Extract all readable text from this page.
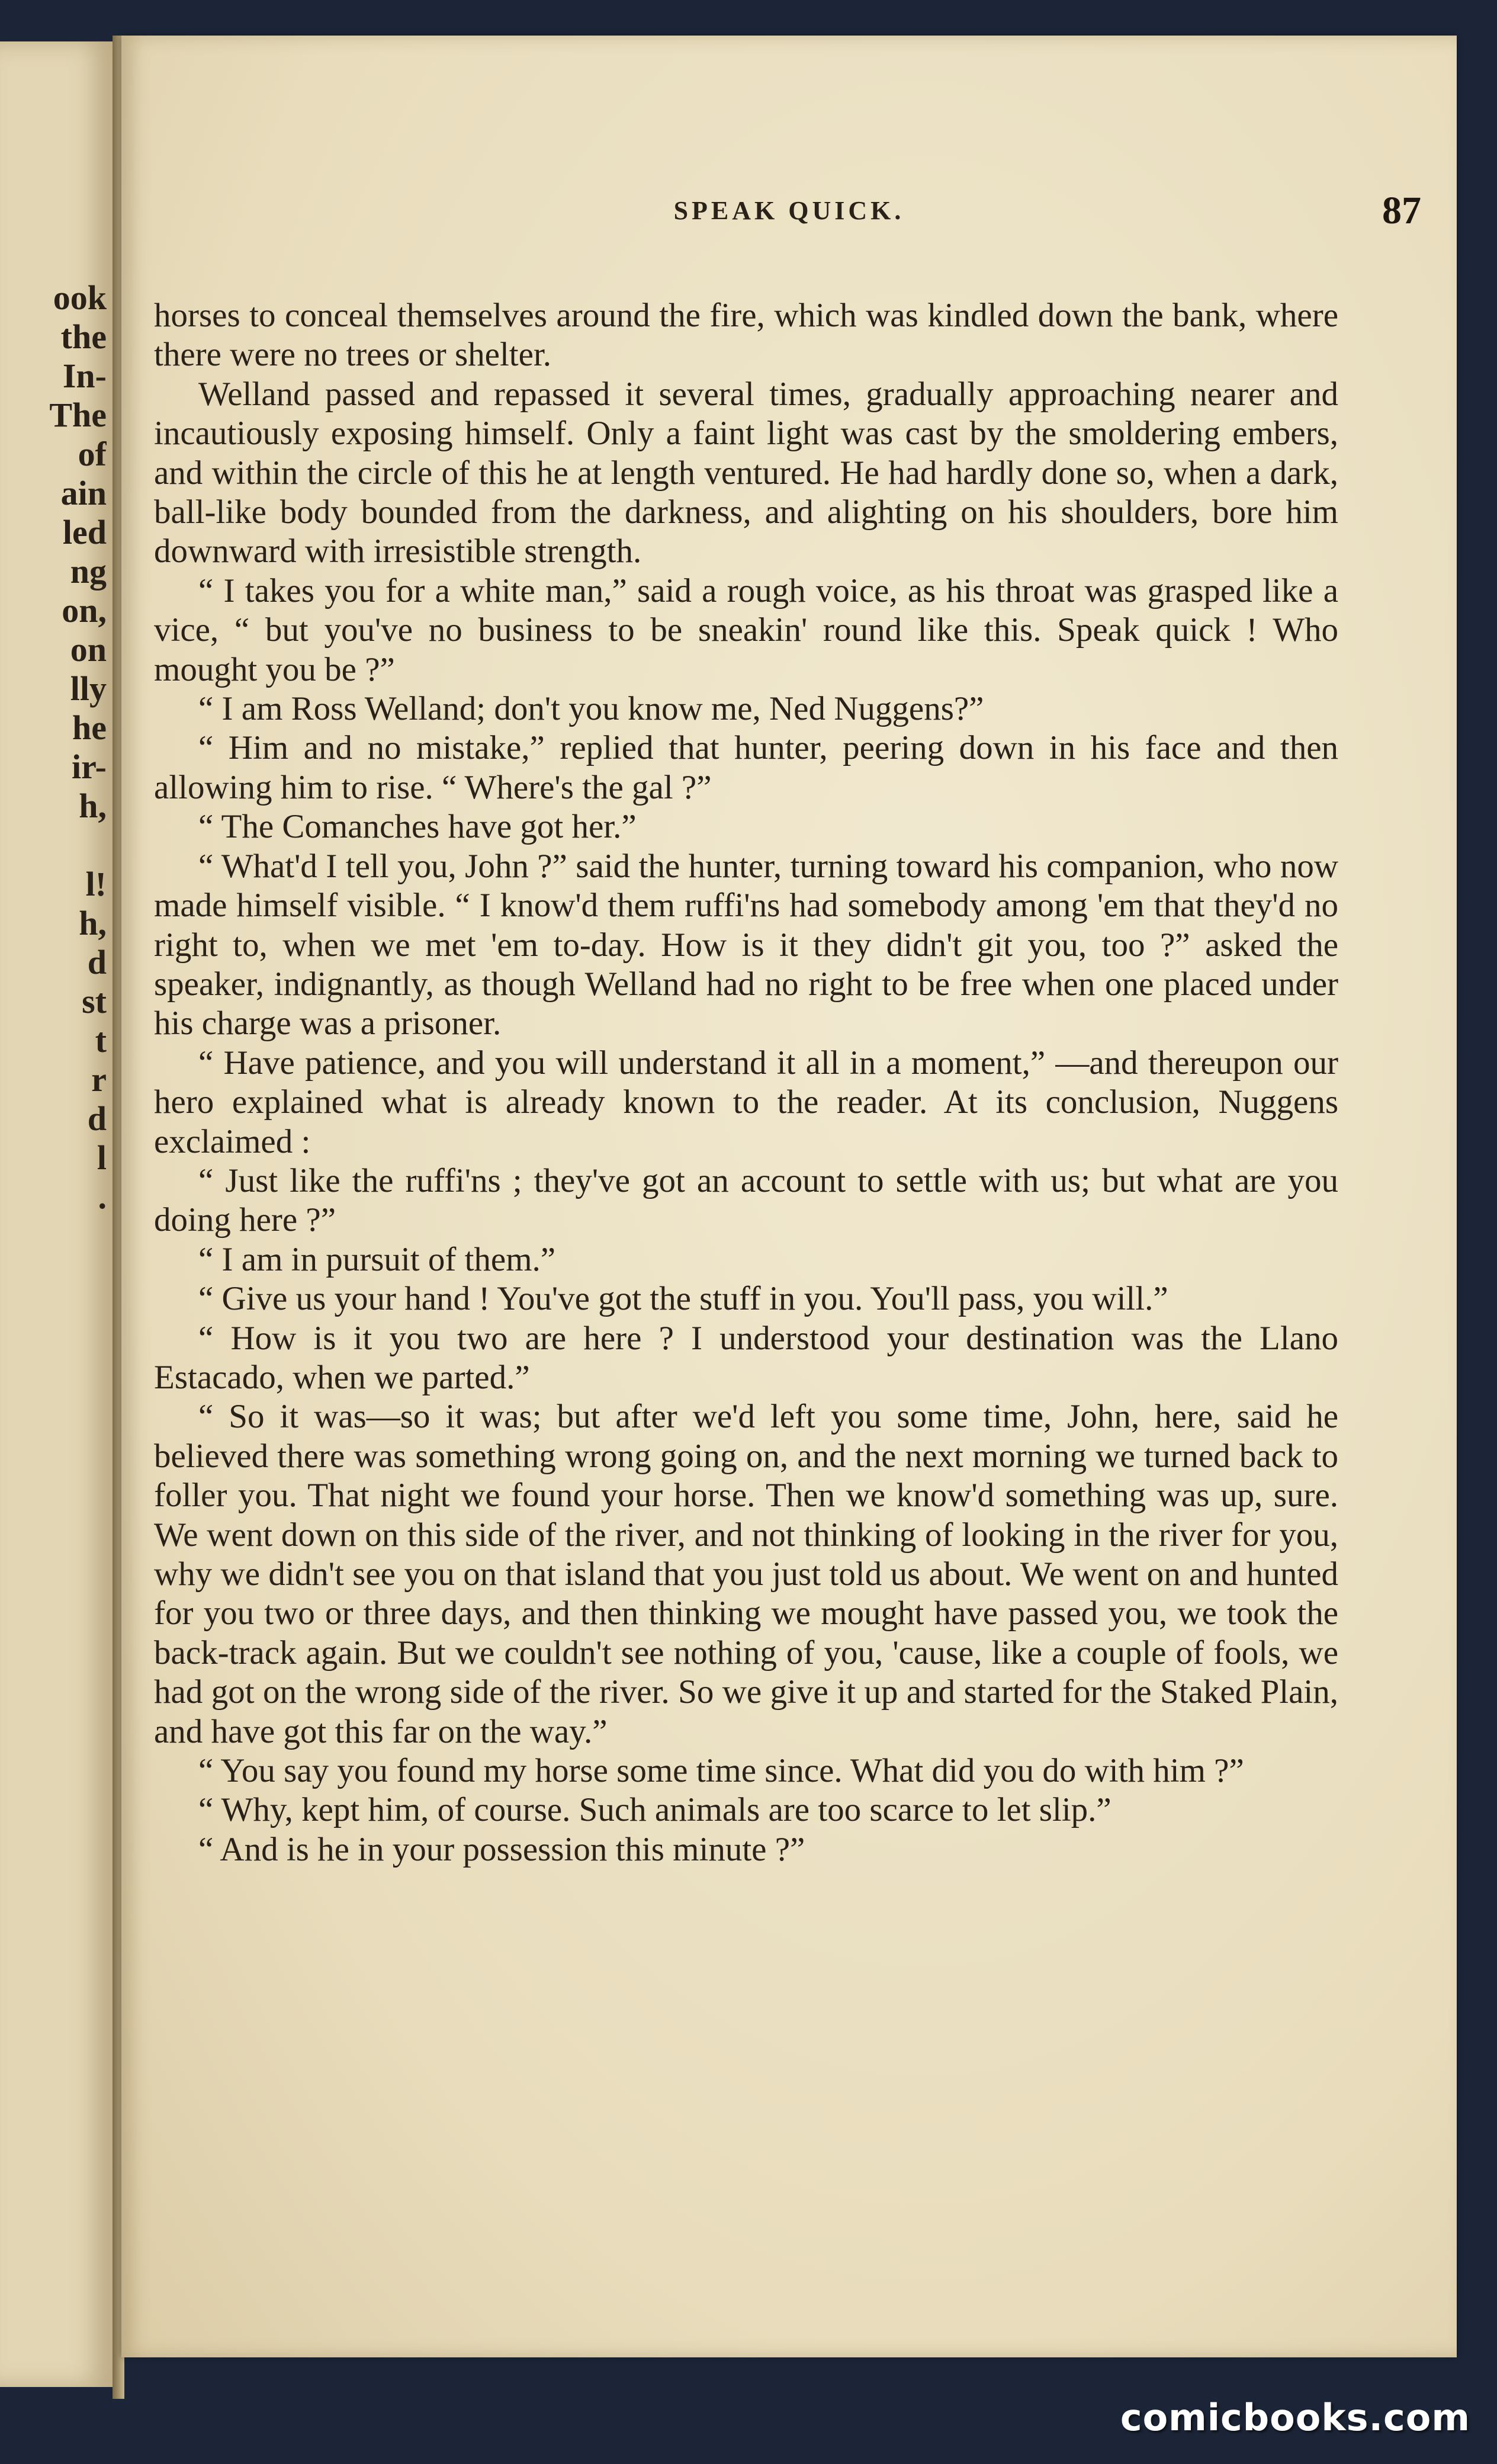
ook
the
In-
The
of
ain
led
ng
on,
on
lly
he
ir-
h,
l!
h,
d
st
t
r
d
l
.
SPEAK QUICK.	87

horses to conceal themselves around the fire, which was kindled down the bank, where there were no trees or shelter.

Welland passed and repassed it several times, gradually approaching nearer and incautiously exposing himself. Only a faint light was cast by the smoldering embers, and within the circle of this he at length ventured. He had hardly done so, when a dark, ball-like body bounded from the darkness, and alighting on his shoulders, bore him downward with irresistible strength.

“ I takes you for a white man,” said a rough voice, as his throat was grasped like a vice, “ but you've no business to be sneakin' round like this. Speak quick ! Who mought you be ?”

“ I am Ross Welland; don't you know me, Ned Nuggens?”

“ Him and no mistake,” replied that hunter, peering down in his face and then allowing him to rise. “ Where's the gal ?”

“ The Comanches have got her.”

“ What'd I tell you, John ?” said the hunter, turning toward his companion, who now made himself visible. “ I know'd them ruffi'ns had somebody among 'em that they'd no right to, when we met 'em to-day. How is it they didn't git you, too ?” asked the speaker, indignantly, as though Welland had no right to be free when one placed under his charge was a prisoner.

“ Have patience, and you will understand it all in a moment,” —and thereupon our hero explained what is already known to the reader. At its conclusion, Nuggens exclaimed :

“ Just like the ruffi'ns ; they've got an account to settle with us; but what are you doing here ?”

“ I am in pursuit of them.”

“ Give us your hand ! You've got the stuff in you. You'll pass, you will.”

“ How is it you two are here ? I understood your destination was the Llano Estacado, when we parted.”

“ So it was—so it was; but after we'd left you some time, John, here, said he believed there was something wrong going on, and the next morning we turned back to foller you. That night we found your horse. Then we know'd something was up, sure. We went down on this side of the river, and not thinking of looking in the river for you, why we didn't see you on that island that you just told us about. We went on and hunted for you two or three days, and then thinking we mought have passed you, we took the back-track again. But we couldn't see nothing of you, 'cause, like a couple of fools, we had got on the wrong side of the river. So we give it up and started for the Staked Plain, and have got this far on the way.”

“ You say you found my horse some time since. What did you do with him ?”

“ Why, kept him, of course. Such animals are too scarce to let slip.”

“ And is he in your possession this minute ?”

comicbooks.com
